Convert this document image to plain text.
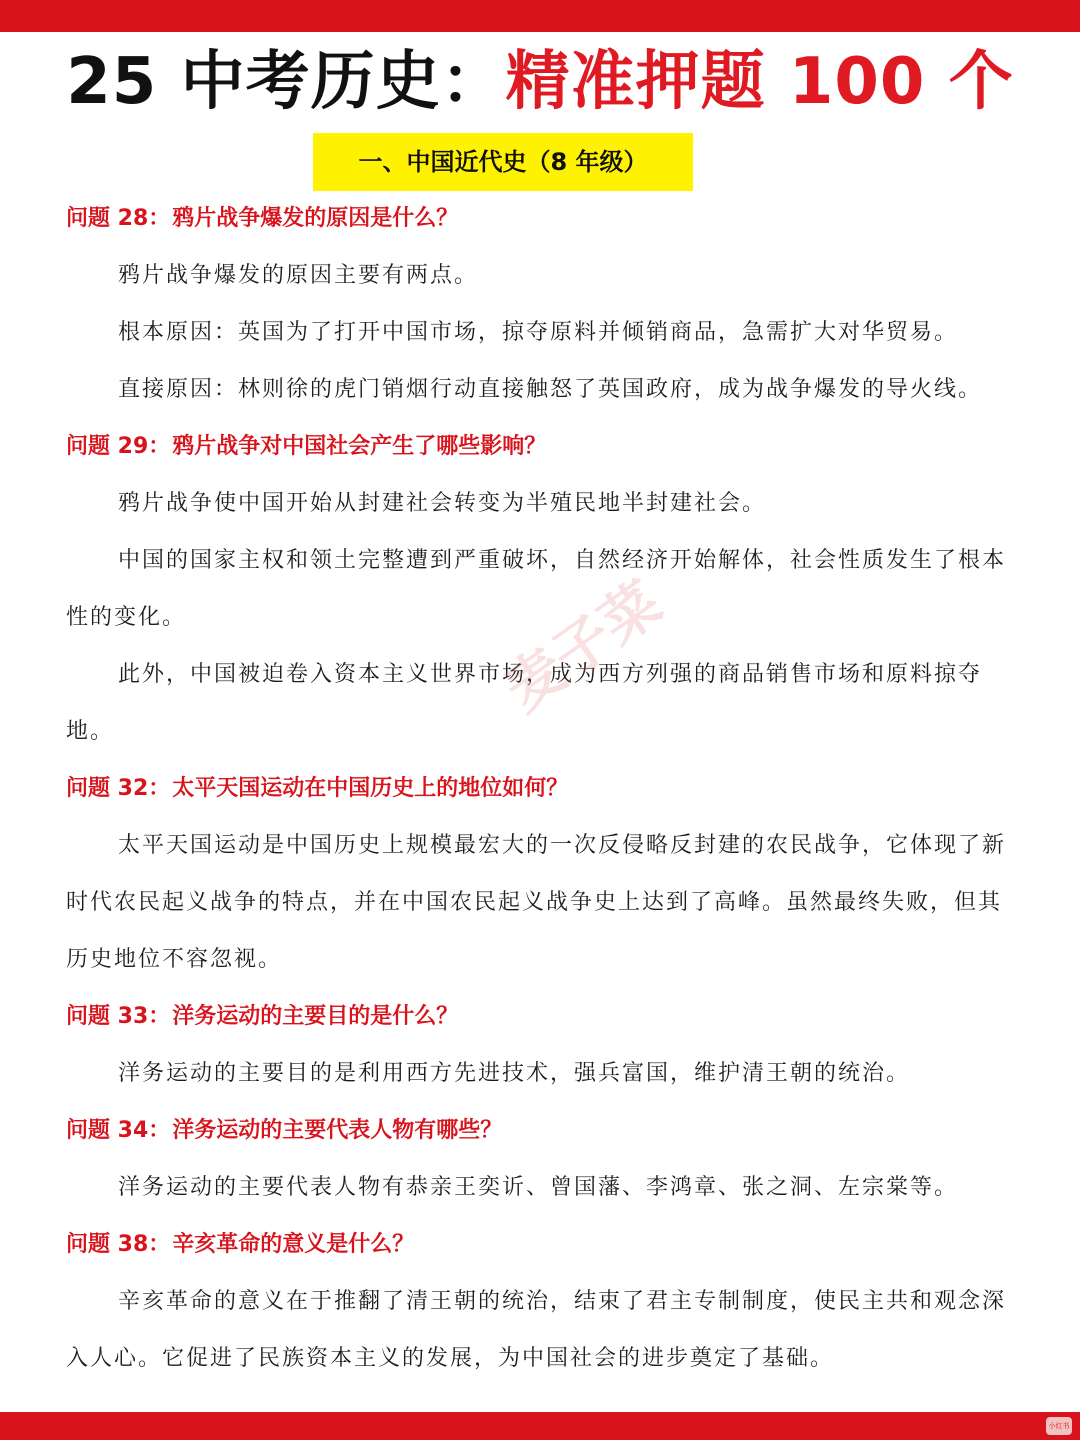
25 中考历史：精准押题 100 个
一、中国近代史（8 年级）
问题 28：鸦片战争爆发的原因是什么？
鸦片战争爆发的原因主要有两点。
根本原因：英国为了打开中国市场，掠夺原料并倾销商品，急需扩大对华贸易。
直接原因：林则徐的虎门销烟行动直接触怒了英国政府，成为战争爆发的导火线。
问题 29：鸦片战争对中国社会产生了哪些影响？
鸦片战争使中国开始从封建社会转变为半殖民地半封建社会。
中国的国家主权和领土完整遭到严重破坏，自然经济开始解体，社会性质发生了根本性的变化。
此外，中国被迫卷入资本主义世界市场，成为西方列强的商品销售市场和原料掠夺地。
问题 32：太平天国运动在中国历史上的地位如何？
太平天国运动是中国历史上规模最宏大的一次反侵略反封建的农民战争，它体现了新时代农民起义战争的特点，并在中国农民起义战争史上达到了高峰。虽然最终失败，但其历史地位不容忽视。
问题 33：洋务运动的主要目的是什么？
洋务运动的主要目的是利用西方先进技术，强兵富国，维护清王朝的统治。
问题 34：洋务运动的主要代表人物有哪些？
洋务运动的主要代表人物有恭亲王奕䜣、曾国藩、李鸿章、张之洞、左宗棠等。
问题 38：辛亥革命的意义是什么？
辛亥革命的意义在于推翻了清王朝的统治，结束了君主专制制度，使民主共和观念深入人心。它促进了民族资本主义的发展，为中国社会的进步奠定了基础。
麦子菜
小红书
